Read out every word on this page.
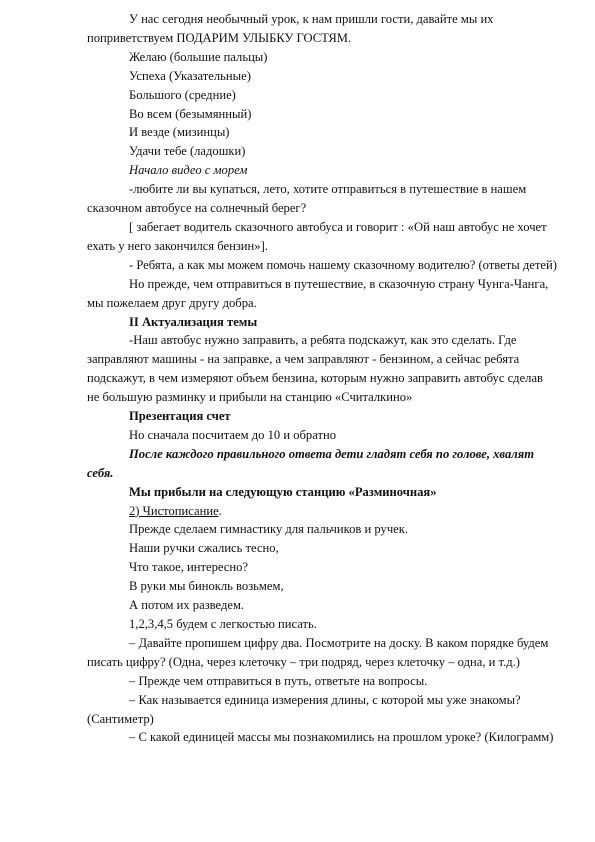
У нас сегодня необычный урок, к нам пришли гости, давайте мы их поприветствуем ПОДАРИМ УЛЫБКУ ГОСТЯМ.

Желаю (большие пальцы)

Успеха (Указательные)

Большого (средние)

Во всем (безымянный)

И везде (мизинцы)

Удачи тебе (ладошки)

Начало видео с морем

-любите ли вы купаться, лето, хотите отправиться в путешествие в нашем сказочном автобусе на солнечный берег?

[ забегает водитель сказочного автобуса и говорит : «Ой наш автобус не хочет ехать у него закончился бензин»].

- Ребята, а как мы можем помочь нашему сказочному водителю? (ответы детей)

Но прежде, чем отправиться в путешествие, в сказочную страну Чунга-Чанга, мы пожелаем друг другу добра.

II Актуализация темы

-Наш автобус нужно заправить, а ребята подскажут, как это сделать. Где заправляют машины - на заправке, а чем заправляют - бензином, а сейчас ребята подскажут, в чем измеряют объем бензина, которым нужно заправить автобус сделав не большую разминку и прибыли на станцию «Считалкино»

Презентация счет

Но сначала посчитаем до 10 и обратно

После каждого правильного ответа дети гладят себя по голове, хвалят себя.

Мы прибыли на следующую станцию «Разминочная»

2) Чистописание.

Прежде сделаем гимнастику для пальчиков и ручек.

Наши ручки сжались тесно,

Что такое, интересно?

В руки мы бинокль возьмем,

А потом их разведем.

1,2,3,4,5 будем с легкостью писать.

– Давайте пропишем цифру два. Посмотрите на доску. В каком порядке будем писать цифру? (Одна, через клеточку – три подряд, через клеточку – одна, и т.д.)

– Прежде чем отправиться в путь, ответьте на вопросы.

– Как называется единица измерения длины, с которой мы уже знакомы? (Сантиметр)

– С какой единицей массы мы познакомились на прошлом уроке? (Килограмм)
